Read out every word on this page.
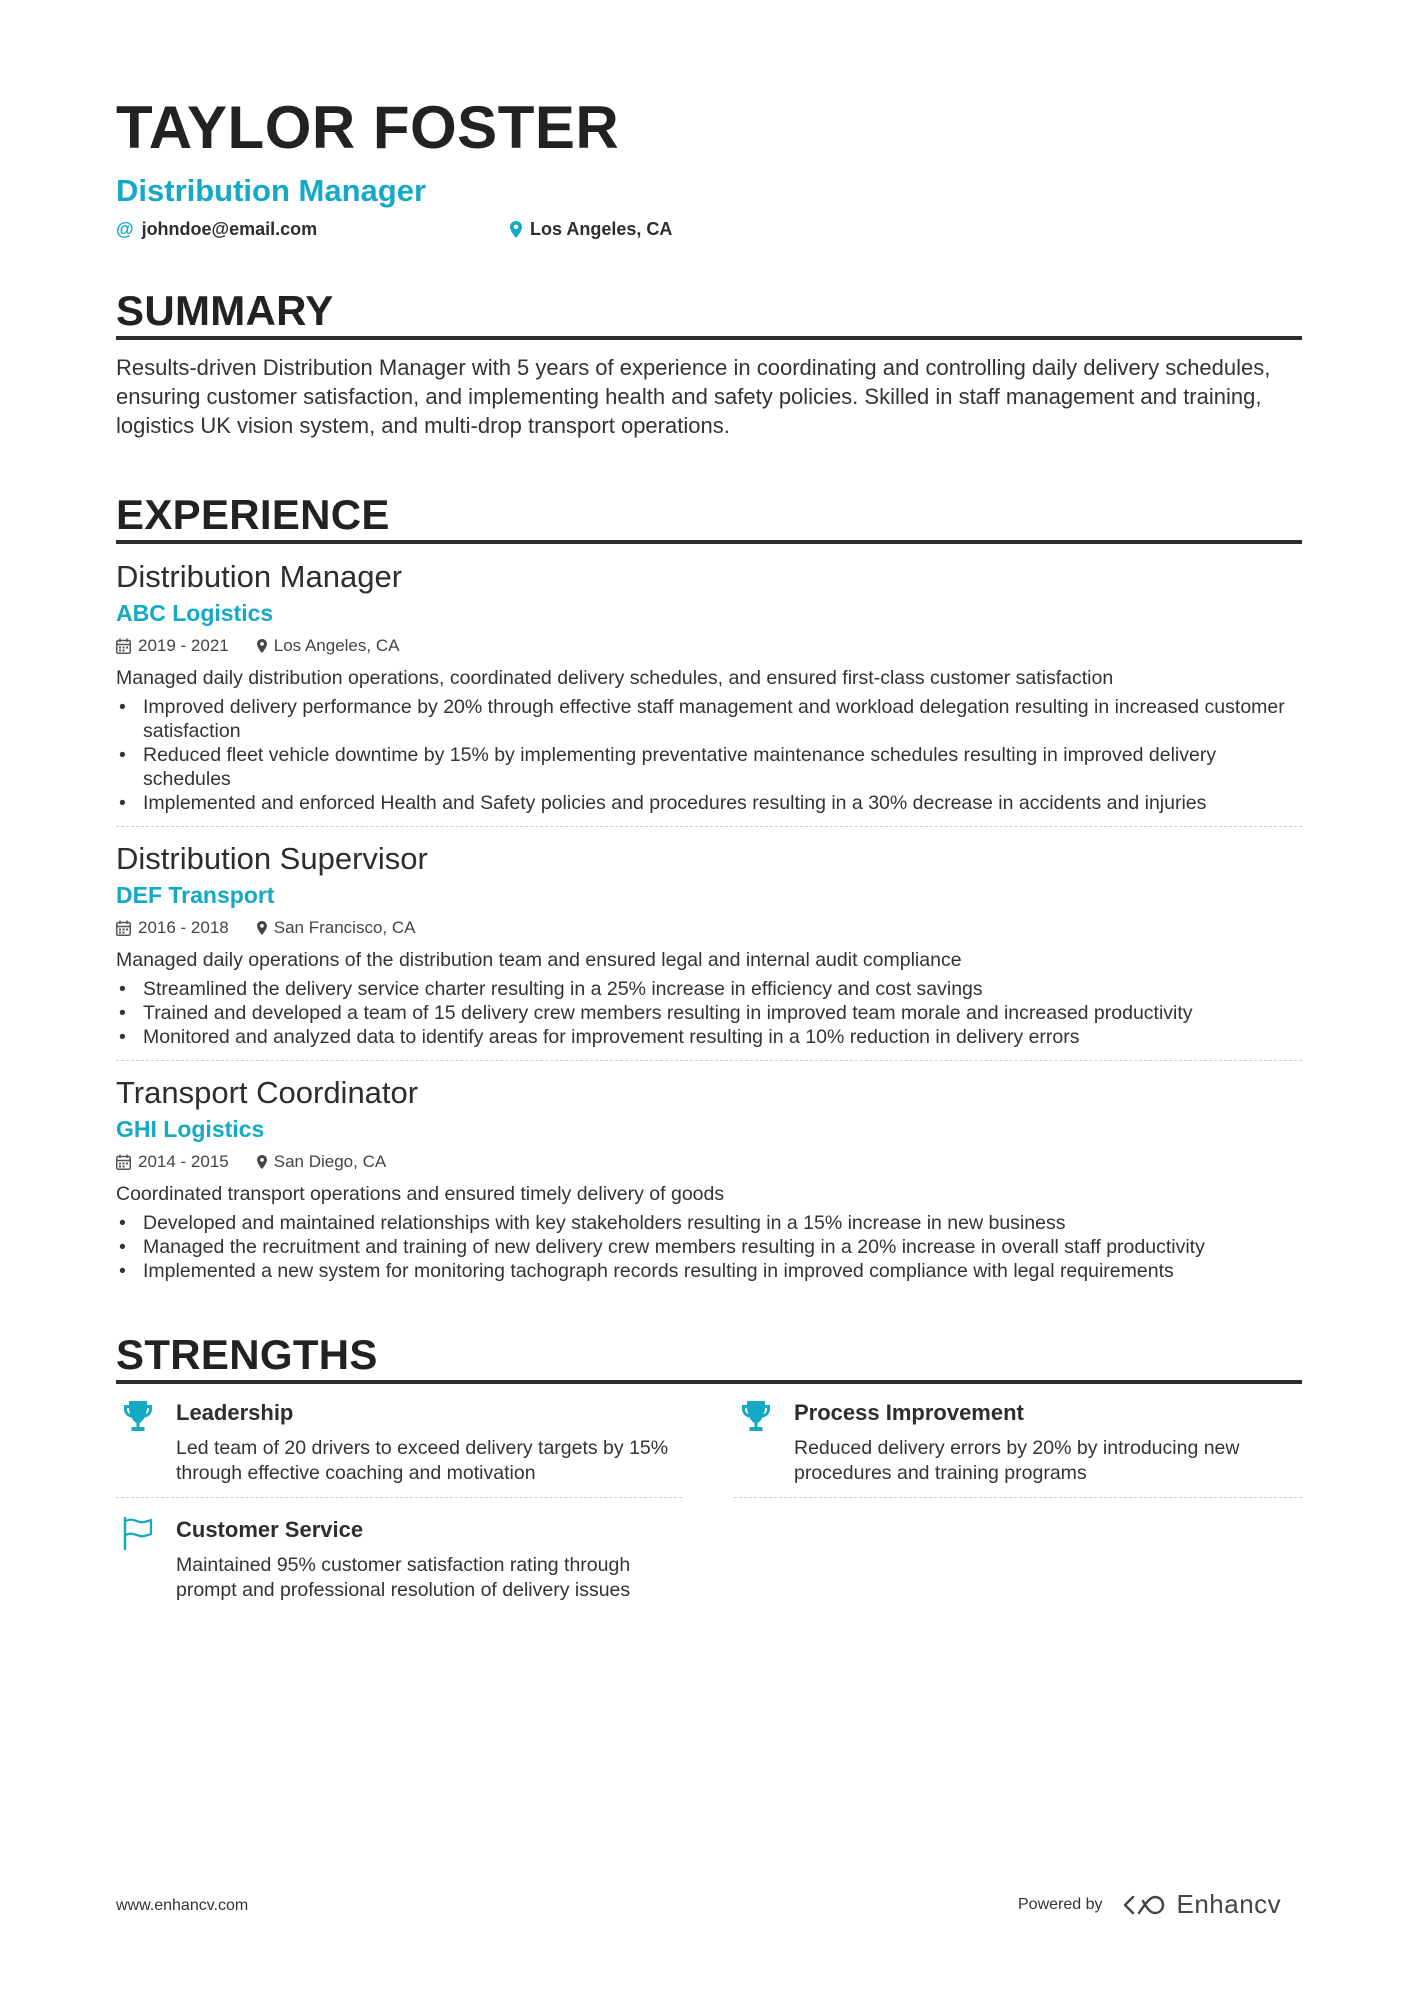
TAYLOR FOSTER
Distribution Manager
@ johndoe@email.com	Los Angeles, CA
SUMMARY
Results-driven Distribution Manager with 5 years of experience in coordinating and controlling daily delivery schedules, ensuring customer satisfaction, and implementing health and safety policies. Skilled in staff management and training, logistics UK vision system, and multi-drop transport operations.
EXPERIENCE
Distribution Manager
ABC Logistics
2019 - 2021	Los Angeles, CA
Managed daily distribution operations, coordinated delivery schedules, and ensured first-class customer satisfaction
• Improved delivery performance by 20% through effective staff management and workload delegation resulting in increased customer satisfaction
• Reduced fleet vehicle downtime by 15% by implementing preventative maintenance schedules resulting in improved delivery schedules
• Implemented and enforced Health and Safety policies and procedures resulting in a 30% decrease in accidents and injuries
Distribution Supervisor
DEF Transport
2016 - 2018	San Francisco, CA
Managed daily operations of the distribution team and ensured legal and internal audit compliance
• Streamlined the delivery service charter resulting in a 25% increase in efficiency and cost savings
• Trained and developed a team of 15 delivery crew members resulting in improved team morale and increased productivity
• Monitored and analyzed data to identify areas for improvement resulting in a 10% reduction in delivery errors
Transport Coordinator
GHI Logistics
2014 - 2015	San Diego, CA
Coordinated transport operations and ensured timely delivery of goods
• Developed and maintained relationships with key stakeholders resulting in a 15% increase in new business
• Managed the recruitment and training of new delivery crew members resulting in a 20% increase in overall staff productivity
• Implemented a new system for monitoring tachograph records resulting in improved compliance with legal requirements
STRENGTHS
Leadership
Led team of 20 drivers to exceed delivery targets by 15% through effective coaching and motivation
Process Improvement
Reduced delivery errors by 20% by introducing new procedures and training programs
Customer Service
Maintained 95% customer satisfaction rating through prompt and professional resolution of delivery issues
www.enhancv.com	Powered by	Enhancv
